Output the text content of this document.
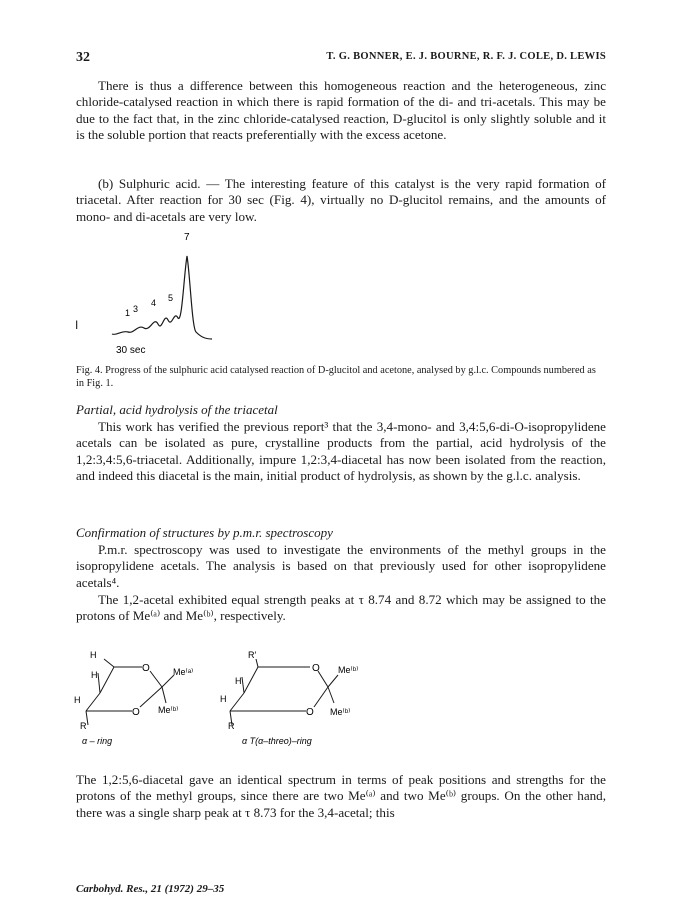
32	T. G. BONNER, E. J. BOURNE, R. F. J. COLE, D. LEWIS
There is thus a difference between this homogeneous reaction and the heterogeneous, zinc chloride-catalysed reaction in which there is rapid formation of the di- and tri-acetals. This may be due to the fact that, in the zinc chloride-catalysed reaction, D-glucitol is only slightly soluble and it is the soluble portion that reacts preferentially with the excess acetone.
(b) Sulphuric acid. — The interesting feature of this catalyst is the very rapid formation of triacetal. After reaction for 30 sec (Fig. 4), virtually no D-glucitol remains, and the amounts of mono- and di-acetals are very low.
7
1 3
4 5
30 sec
I
Fig. 4. Progress of the sulphuric acid catalysed reaction of D-glucitol and acetone, analysed by g.l.c. Compounds numbered as in Fig. 1.
Partial, acid hydrolysis of the triacetal
This work has verified the previous report³ that the 3,4-mono- and 3,4:5,6-di-O-isopropylidene acetals can be isolated as pure, crystalline products from the partial, acid hydrolysis of the 1,2:3,4:5,6-triacetal. Additionally, impure 1,2:3,4-diacetal has now been isolated from the reaction, and indeed this diacetal is the main, initial product of hydrolysis, as shown by the g.l.c. analysis.
Confirmation of structures by p.m.r. spectroscopy
P.m.r. spectroscopy was used to investigate the environments of the methyl groups in the isopropylidene acetals. The analysis is based on that previously used for other isopropylidene acetals⁴.
The 1,2-acetal exhibited equal strength peaks at τ 8.74 and 8.72 which may be assigned to the protons of Me⁽ᵃ⁾ and Me⁽ᵇ⁾, respectively.
H
H
H
O
O
Me⁽ᵃ⁾
Me⁽ᵇ⁾
R
α – ring
R′
H
H
O
O
Me⁽ᵇ⁾
Me⁽ᵇ⁾
R
α T(α–threo)–ring
The 1,2:5,6-diacetal gave an identical spectrum in terms of peak positions and strengths for the protons of the methyl groups, since there are two Me⁽ᵃ⁾ and two Me⁽ᵇ⁾ groups. On the other hand, there was a single sharp peak at τ 8.73 for the 3,4-acetal; this
Carbohyd. Res., 21 (1972) 29–35
